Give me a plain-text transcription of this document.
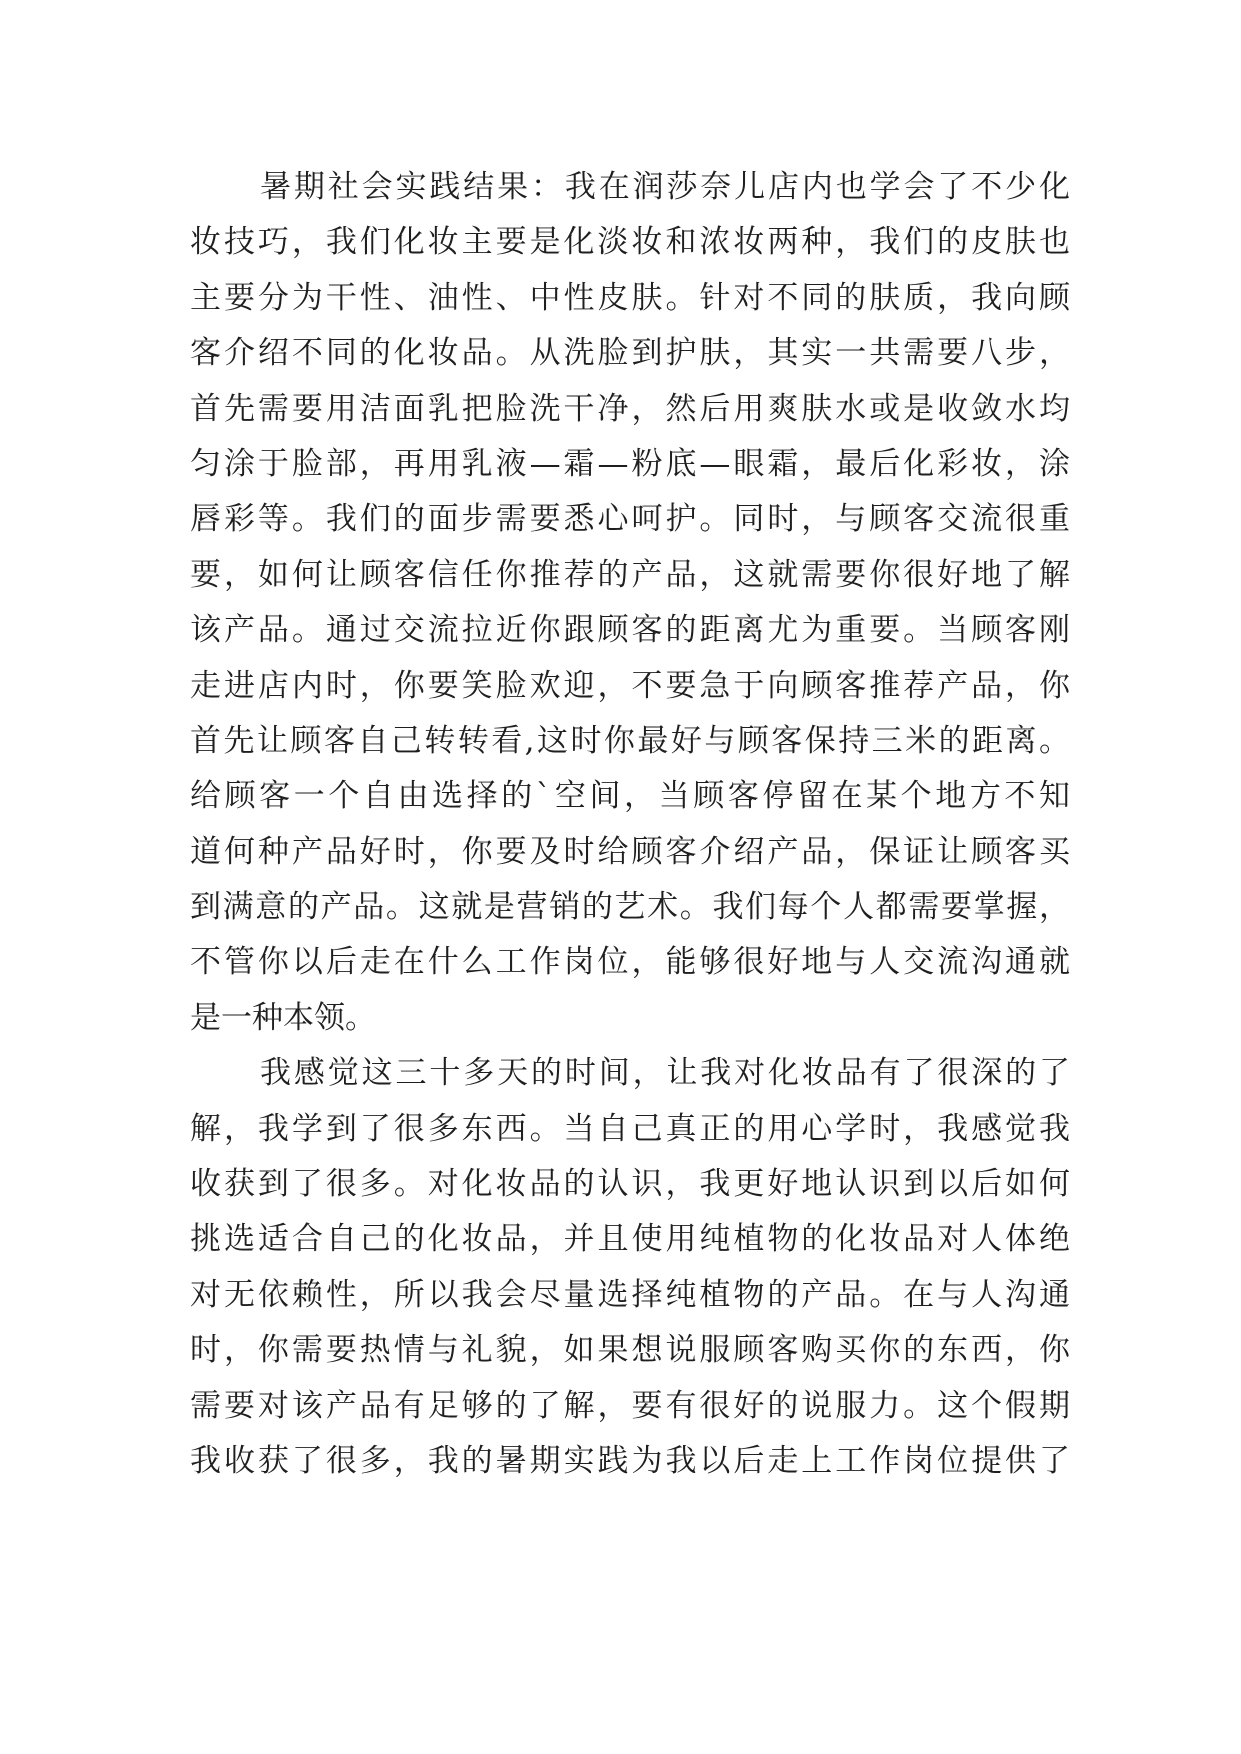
暑期社会实践结果：我在润莎奈儿店内也学会了不少化
妆技巧，我们化妆主要是化淡妆和浓妆两种，我们的皮肤也
主要分为干性、油性、中性皮肤。针对不同的肤质，我向顾
客介绍不同的化妆品。从洗脸到护肤，其实一共需要八步，
首先需要用洁面乳把脸洗干净，然后用爽肤水或是收敛水均
匀涂于脸部，再用乳液—霜—粉底—眼霜，最后化彩妆，涂
唇彩等。我们的面步需要悉心呵护。同时，与顾客交流很重
要，如何让顾客信任你推荐的产品，这就需要你很好地了解
该产品。通过交流拉近你跟顾客的距离尤为重要。当顾客刚
走进店内时，你要笑脸欢迎，不要急于向顾客推荐产品，你
首先让顾客自己转转看,这时你最好与顾客保持三米的距离。
给顾客一个自由选择的`空间，当顾客停留在某个地方不知
道何种产品好时，你要及时给顾客介绍产品，保证让顾客买
到满意的产品。这就是营销的艺术。我们每个人都需要掌握，
不管你以后走在什么工作岗位，能够很好地与人交流沟通就
是一种本领。
我感觉这三十多天的时间，让我对化妆品有了很深的了
解，我学到了很多东西。当自己真正的用心学时，我感觉我
收获到了很多。对化妆品的认识，我更好地认识到以后如何
挑选适合自己的化妆品，并且使用纯植物的化妆品对人体绝
对无依赖性，所以我会尽量选择纯植物的产品。在与人沟通
时，你需要热情与礼貌，如果想说服顾客购买你的东西，你
需要对该产品有足够的了解，要有很好的说服力。这个假期
我收获了很多，我的暑期实践为我以后走上工作岗位提供了
